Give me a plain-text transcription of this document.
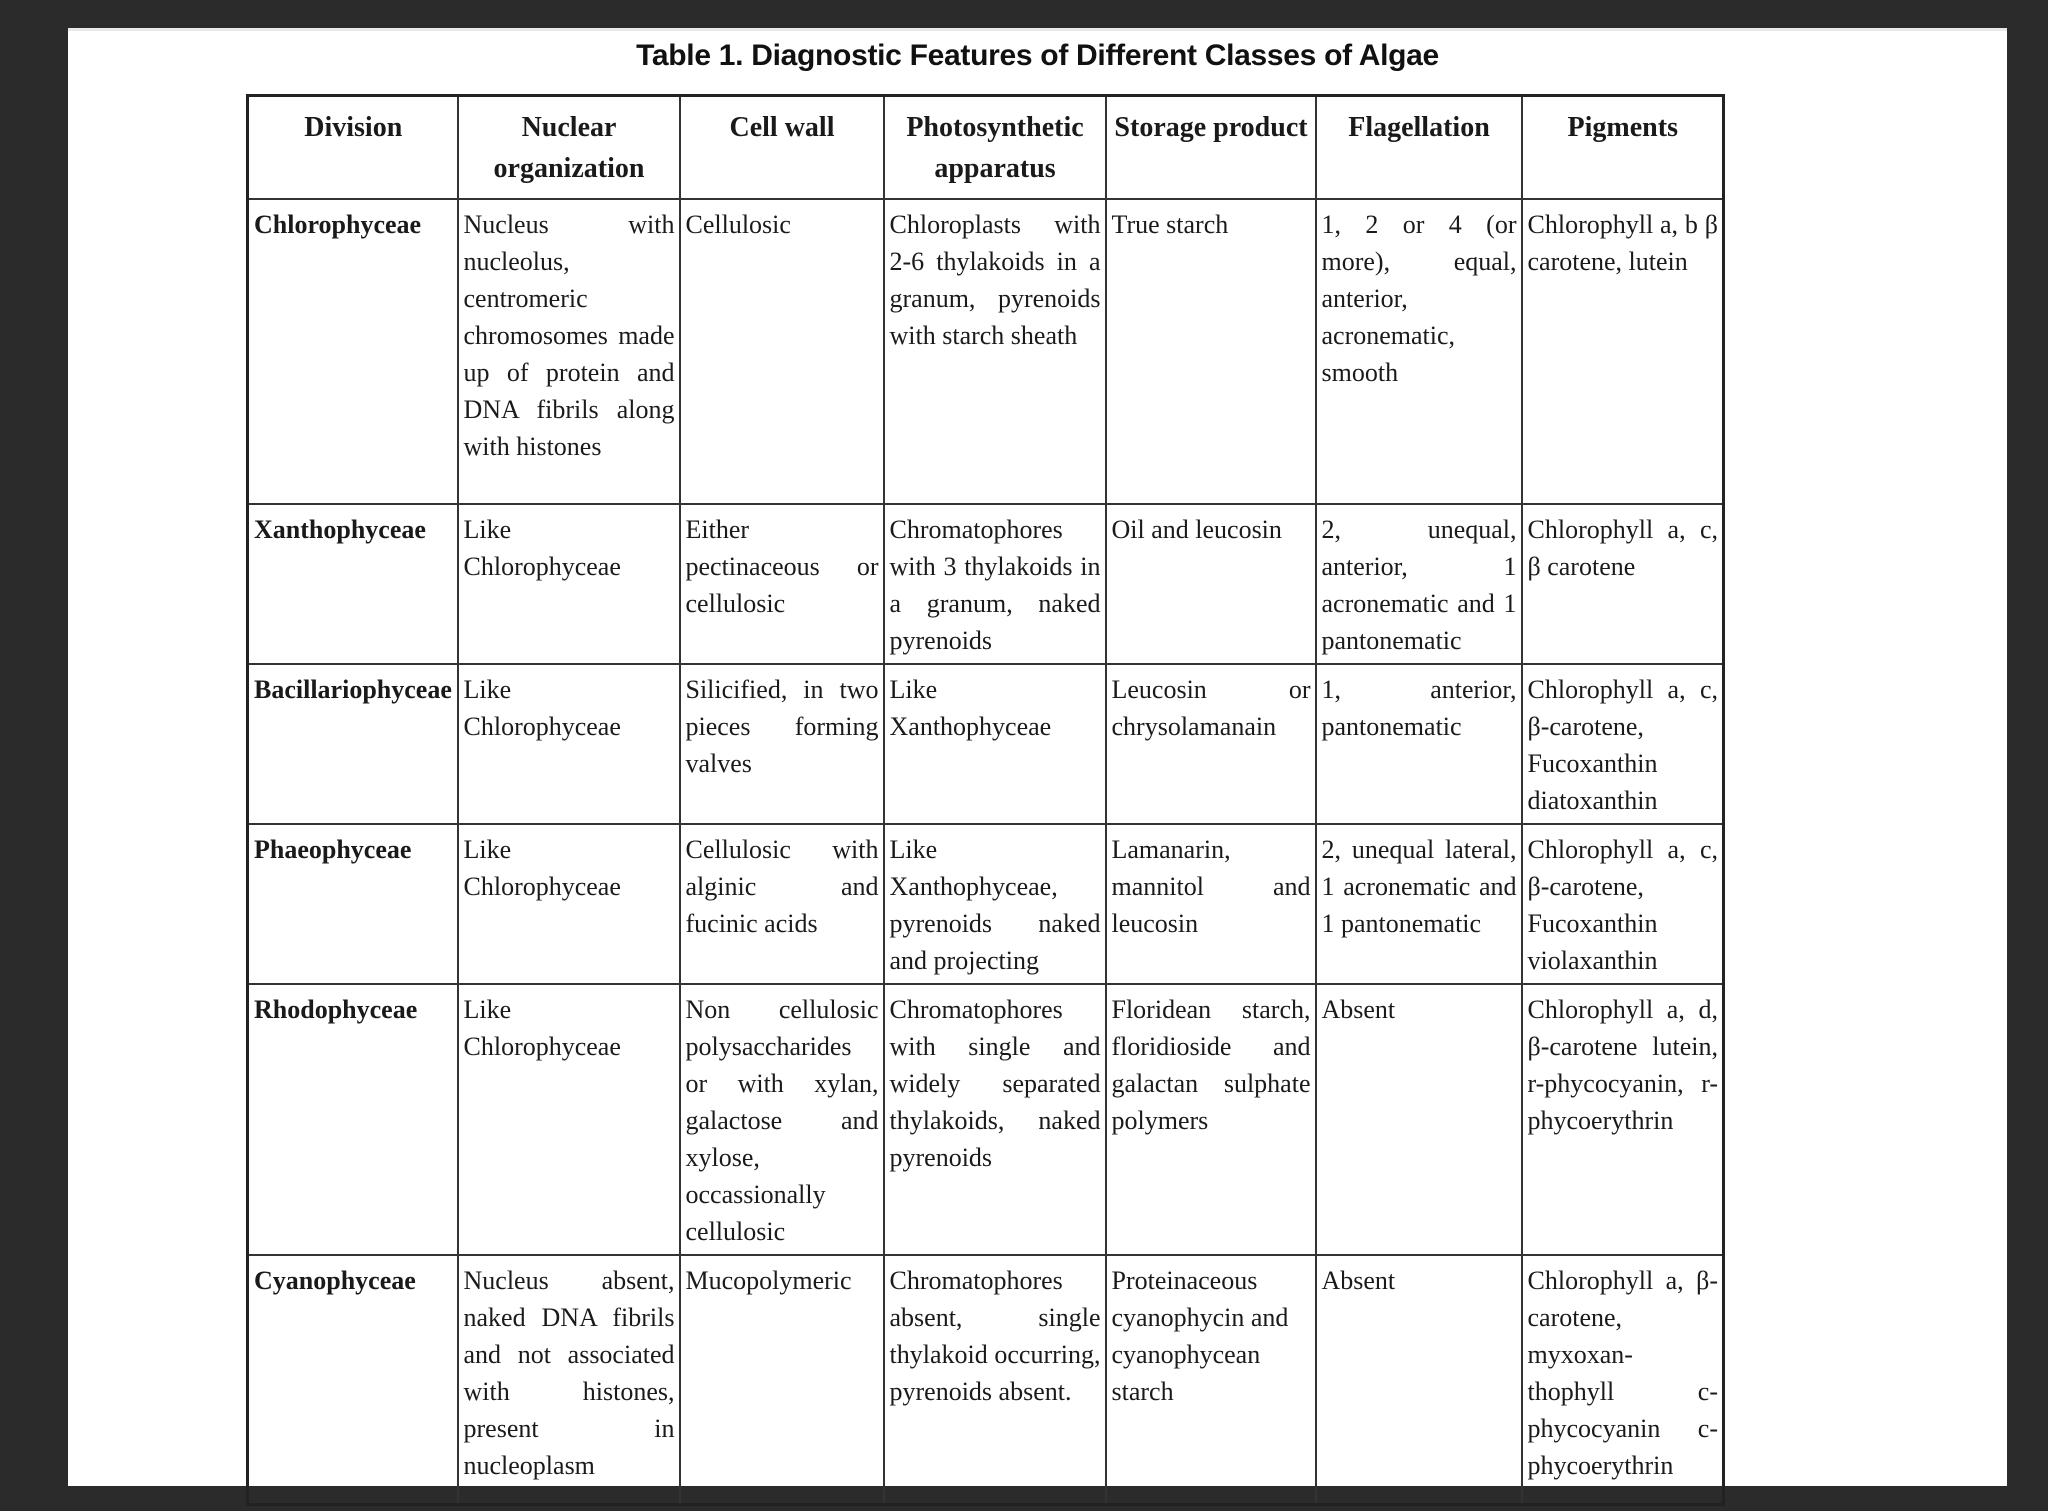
Table 1. Diagnostic Features of Different Classes of Algae
Division	Nuclear organization	Cell wall	Photosynthetic apparatus	Storage product	Flagellation	Pigments
Chlorophyceae	Nucleus with nucleolus, centromeric chromosomes made up of protein and DNA fibrils along with histones	Cellulosic	Chloroplasts with 2-6 thylakoids in a granum, pyrenoids with starch sheath	True starch	1, 2 or 4 (or more), equal, anterior, acronematic, smooth	Chlorophyll a, b β carotene, lutein
Xanthophyceae	Like Chlorophyceae	Either pectinaceous or cellulosic	Chromatophores with 3 thylakoids in a granum, naked pyrenoids	Oil and leucosin	2, unequal, anterior, 1 acronematic and 1 pantonematic	Chlorophyll a, c, β carotene
Bacillariophyceae	Like Chlorophyceae	Silicified, in two pieces forming valves	Like Xanthophyceae	Leucosin or chrysolamanain	1, anterior, pantonematic	Chlorophyll a, c, β-carotene, Fucoxanthin diatoxanthin
Phaeophyceae	Like Chlorophyceae	Cellulosic with alginic and fucinic acids	Like Xanthophyceae, pyrenoids naked and projecting	Lamanarin, mannitol and leucosin	2, unequal lateral, 1 acronematic and 1 pantonematic	Chlorophyll a, c, β-carotene, Fucoxanthin violaxanthin
Rhodophyceae	Like Chlorophyceae	Non cellulosic polysaccharides or with xylan, galactose and xylose, occassionally cellulosic	Chromatophores with single and widely separated thylakoids, naked pyrenoids	Floridean starch, floridioside and galactan sulphate polymers	Absent	Chlorophyll a, d, β-carotene lutein, r-phycocyanin, r-phycoerythrin
Cyanophyceae	Nucleus absent, naked DNA fibrils and not associated with histones, present in nucleoplasm	Mucopolymeric	Chromatophores absent, single thylakoid occurring, pyrenoids absent.	Proteinaceous cyanophycin and cyanophycean starch	Absent	Chlorophyll a, β-carotene, myxoxan-thophyll c-phycocyanin c-phycoerythrin
